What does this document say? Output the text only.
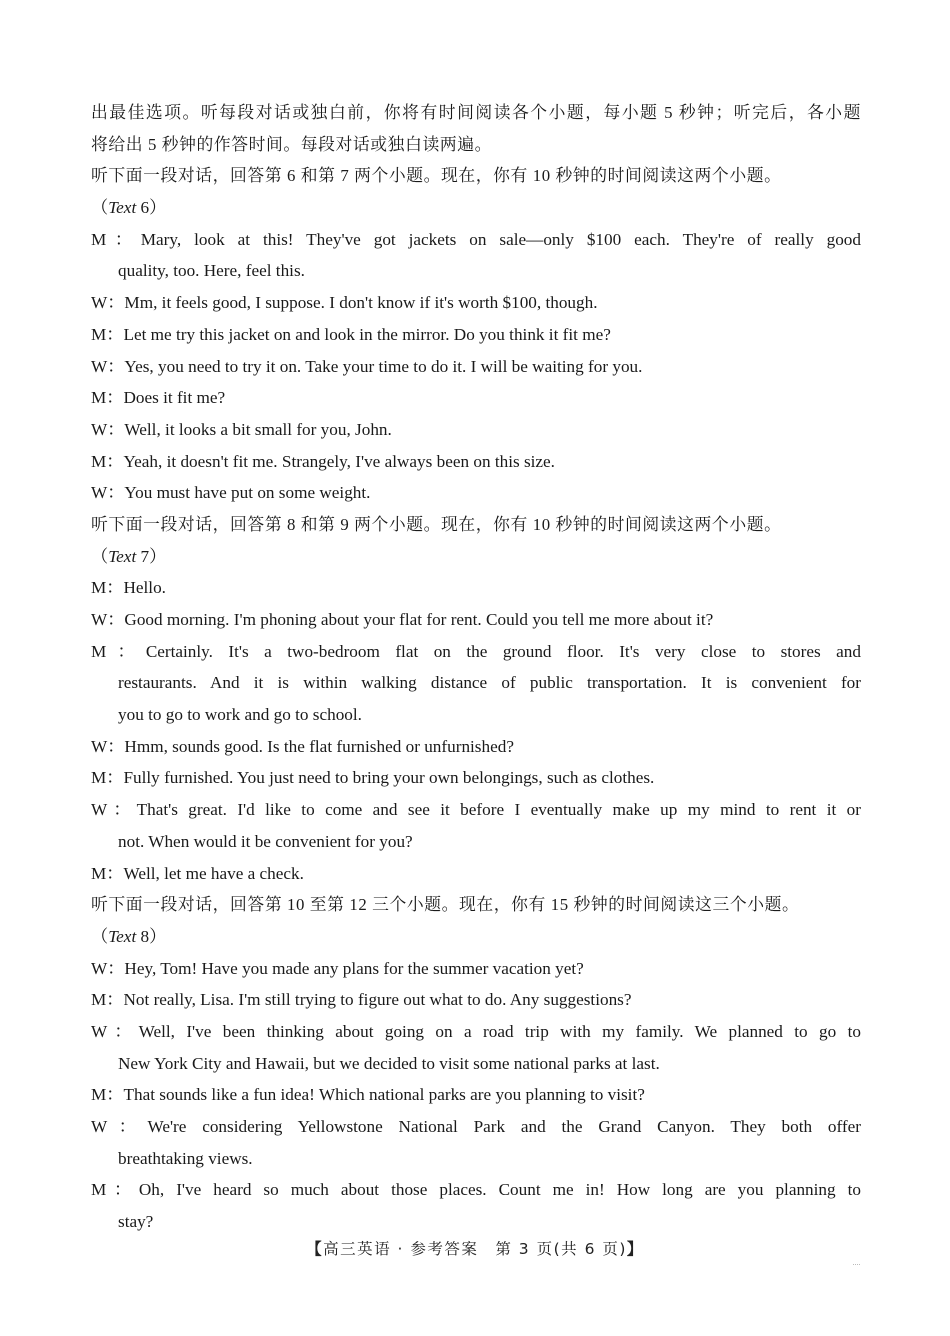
出最佳选项。听每段对话或独白前，你将有时间阅读各个小题，每小题 5 秒钟；听完后，各小题
将给出 5 秒钟的作答时间。每段对话或独白读两遍。
听下面一段对话，回答第 6 和第 7 两个小题。现在，你有 10 秒钟的时间阅读这两个小题。
（Text 6）
M：Mary, look at this! They've got jackets on sale—only $100 each. They're of really good
quality, too. Here, feel this.
W：Mm, it feels good, I suppose. I don't know if it's worth $100, though.
M：Let me try this jacket on and look in the mirror. Do you think it fit me?
W：Yes, you need to try it on. Take your time to do it. I will be waiting for you.
M：Does it fit me?
W：Well, it looks a bit small for you, John.
M：Yeah, it doesn't fit me. Strangely, I've always been on this size.
W：You must have put on some weight.
听下面一段对话，回答第 8 和第 9 两个小题。现在，你有 10 秒钟的时间阅读这两个小题。
（Text 7）
M：Hello.
W：Good morning. I'm phoning about your flat for rent. Could you tell me more about it?
M：Certainly. It's a two-bedroom flat on the ground floor. It's very close to stores and
restaurants. And it is within walking distance of public transportation. It is convenient for
you to go to work and go to school.
W：Hmm, sounds good. Is the flat furnished or unfurnished?
M：Fully furnished. You just need to bring your own belongings, such as clothes.
W：That's great. I'd like to come and see it before I eventually make up my mind to rent it or
not. When would it be convenient for you?
M：Well, let me have a check.
听下面一段对话，回答第 10 至第 12 三个小题。现在，你有 15 秒钟的时间阅读这三个小题。
（Text 8）
W：Hey, Tom! Have you made any plans for the summer vacation yet?
M：Not really, Lisa. I'm still trying to figure out what to do. Any suggestions?
W：Well, I've been thinking about going on a road trip with my family. We planned to go to
New York City and Hawaii, but we decided to visit some national parks at last.
M：That sounds like a fun idea! Which national parks are you planning to visit?
W：We're considering Yellowstone National Park and the Grand Canyon. They both offer
breathtaking views.
M：Oh, I've heard so much about those places. Count me in! How long are you planning to
stay?
【高三英语 · 参考答案　第 3 页(共 6 页)】
